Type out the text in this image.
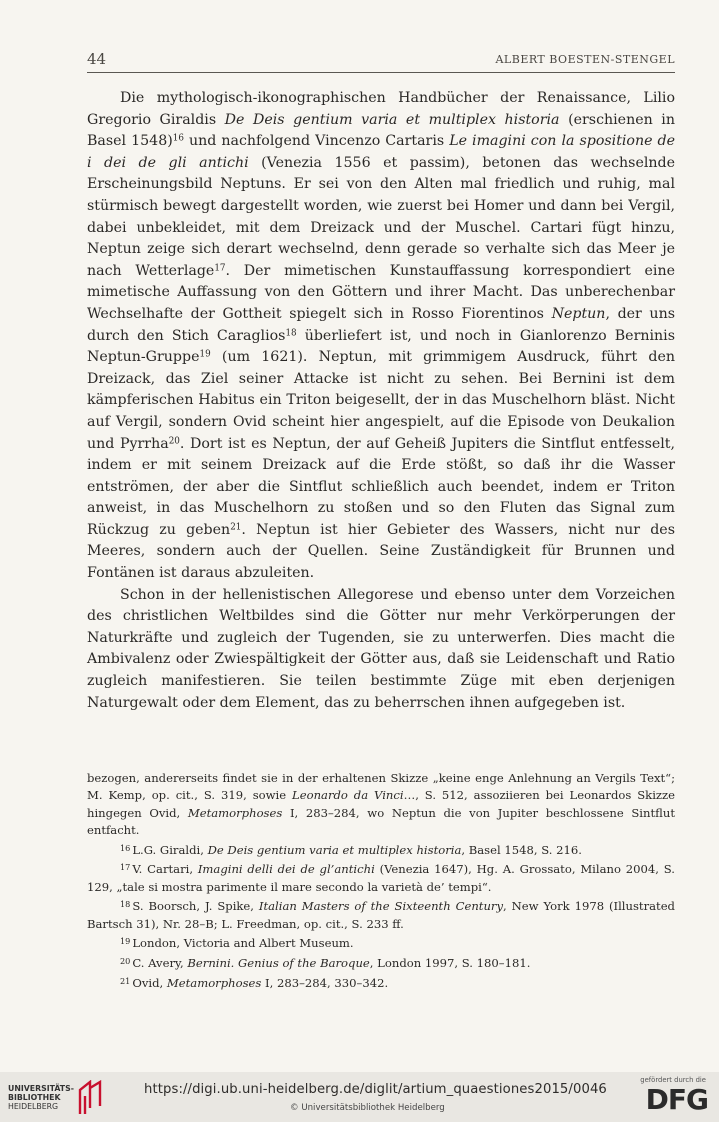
44	ALBERT BOESTEN-STENGEL

Die mythologisch-ikonographischen Handbücher der Renaissance, Lilio Gregorio Giraldis De Deis gentium varia et multiplex historia (erschienen in Basel 1548)$^{16}$ und nachfolgend Vincenzo Cartaris Le imagini con la spositione de i dei de gli antichi (Venezia 1556 et passim), betonen das wechselnde Erscheinungsbild Neptuns. Er sei von den Alten mal friedlich und ruhig, mal stürmisch bewegt dargestellt worden, wie zuerst bei Homer und dann bei Vergil, dabei unbekleidet, mit dem Dreizack und der Muschel. Cartari fügt hinzu, Neptun zeige sich derart wechselnd, denn gerade so verhalte sich das Meer je nach Wetterlage$^{17}$. Der mimetischen Kunstauffassung korrespondiert eine mimetische Auffassung von den Göttern und ihrer Macht. Das unberechenbar Wechselhafte der Gottheit spiegelt sich in Rosso Fiorentinos Neptun, der uns durch den Stich Caraglios$^{18}$ überliefert ist, und noch in Gianlorenzo Berninis Neptun-Gruppe$^{19}$ (um 1621). Neptun, mit grimmigem Ausdruck, führt den Dreizack, das Ziel seiner Attacke ist nicht zu sehen. Bei Bernini ist dem kämpferischen Habitus ein Triton beigesellt, der in das Muschelhorn bläst. Nicht auf Vergil, sondern Ovid scheint hier angespielt, auf die Episode von Deukalion und Pyrrha$^{20}$. Dort ist es Neptun, der auf Geheiß Jupiters die Sintflut entfesselt, indem er mit seinem Dreizack auf die Erde stößt, so daß ihr die Wasser entströmen, der aber die Sintflut schließlich auch beendet, indem er Triton anweist, in das Muschelhorn zu stoßen und so den Fluten das Signal zum Rückzug zu geben$^{21}$. Neptun ist hier Gebieter des Wassers, nicht nur des Meeres, sondern auch der Quellen. Seine Zuständigkeit für Brunnen und Fontänen ist daraus abzuleiten.

Schon in der hellenistischen Allegorese und ebenso unter dem Vorzeichen des christlichen Weltbildes sind die Götter nur mehr Verkörperungen der Naturkräfte und zugleich der Tugenden, sie zu unterwerfen. Dies macht die Ambivalenz oder Zwiespältigkeit der Götter aus, daß sie Leidenschaft und Ratio zugleich manifestieren. Sie teilen bestimmte Züge mit eben derjenigen Naturgewalt oder dem Element, das zu beherrschen ihnen aufgegeben ist.

bezogen, andererseits findet sie in der erhaltenen Skizze „keine enge Anlehnung an Vergils Text“; M. Kemp, op. cit., S. 319, sowie Leonardo da Vinci…, S. 512, assoziieren bei Leonardos Skizze hingegen Ovid, Metamorphoses I, 283–284, wo Neptun die von Jupiter beschlossene Sintflut entfacht.

$^{16}$ L.G. Giraldi, De Deis gentium varia et multiplex historia, Basel 1548, S. 216.

$^{17}$ V. Cartari, Imagini delli dei de gl’antichi (Venezia 1647), Hg. A. Grossato, Milano 2004, S. 129, „tale si mostra parimente il mare secondo la varietà de’ tempi“.

$^{18}$ S. Boorsch, J. Spike, Italian Masters of the Sixteenth Century, New York 1978 (Illustrated Bartsch 31), Nr. 28–B; L. Freedman, op. cit., S. 233 ff.

$^{19}$ London, Victoria and Albert Museum.

$^{20}$ C. Avery, Bernini. Genius of the Baroque, London 1997, S. 180–181.

$^{21}$ Ovid, Metamorphoses I, 283–284, 330–342.

UNIVERSITÄTS-
BIBLIOTHEK
HEIDELBERG
https://digi.ub.uni-heidelberg.de/diglit/artium_quaestiones2015/0046
© Universitätsbibliothek Heidelberg
gefördert durch die
DFG
